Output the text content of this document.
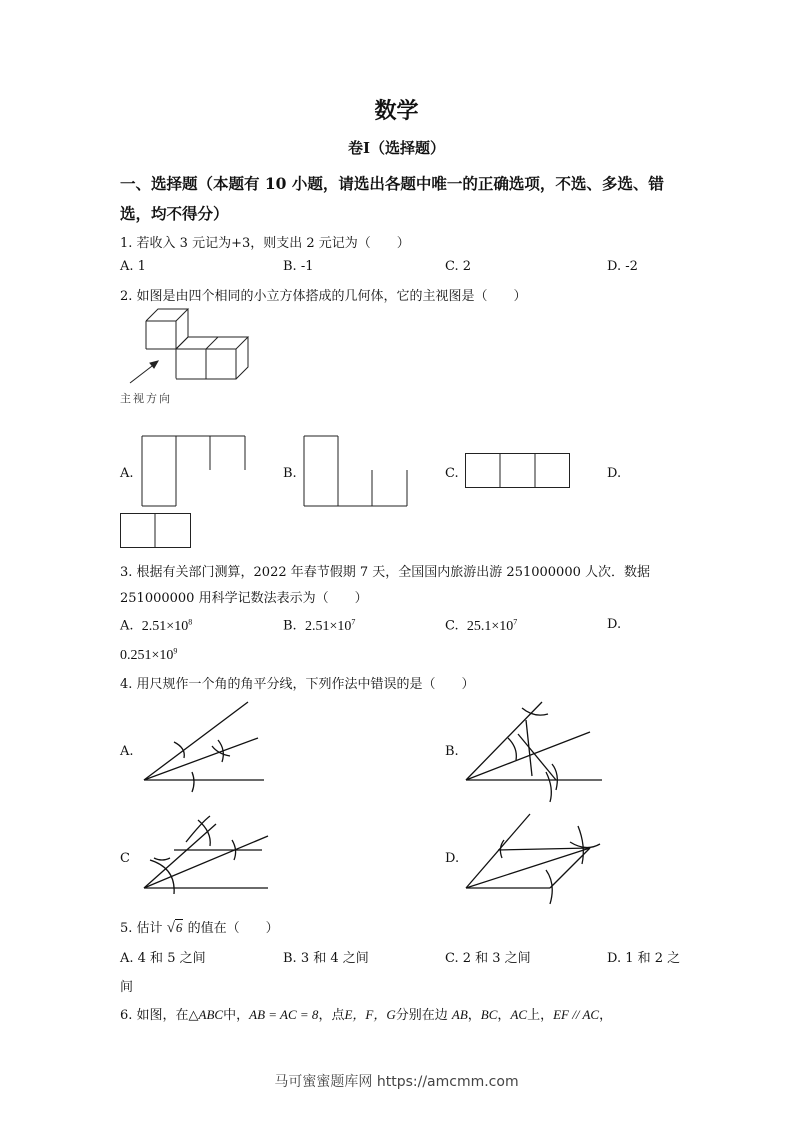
数学
卷Ⅰ（选择题）
一、选择题（本题有 10 小题，请选出各题中唯一的正确选项，不选、多选、错
选，均不得分）
1. 若收入 3 元记为+3，则支出 2 元记为（　　）
A. 1	B. -1	C. 2	D. -2
2. 如图是由四个相同的小立方体搭成的几何体，它的主视图是（　　）
主视方向
A.	B.	C.	D.
3. 根据有关部门测算，2022 年春节假期 7 天，全国国内旅游出游 251000000 人次．数据
251000000 用科学记数法表示为（　　）
A. $2.51\times 10^8$	B. $2.51\times 10^7$	C. $25.1\times 10^7$	D.
$0.251\times 10^9$
4. 用尺规作一个角的角平分线，下列作法中错误的是（　　）
A.	B.
C	D.
5. 估计 √6 的值在（　　）
A. 4 和 5 之间	B. 3 和 4 之间	C. 2 和 3 之间	D. 1 和 2 之
间
6. 如图，在△ABC中，AB = AC = 8，点E，F，G分别在边 AB，BC，AC上，EF // AC，
马可蜜蜜题库网 https://amcmm.com
